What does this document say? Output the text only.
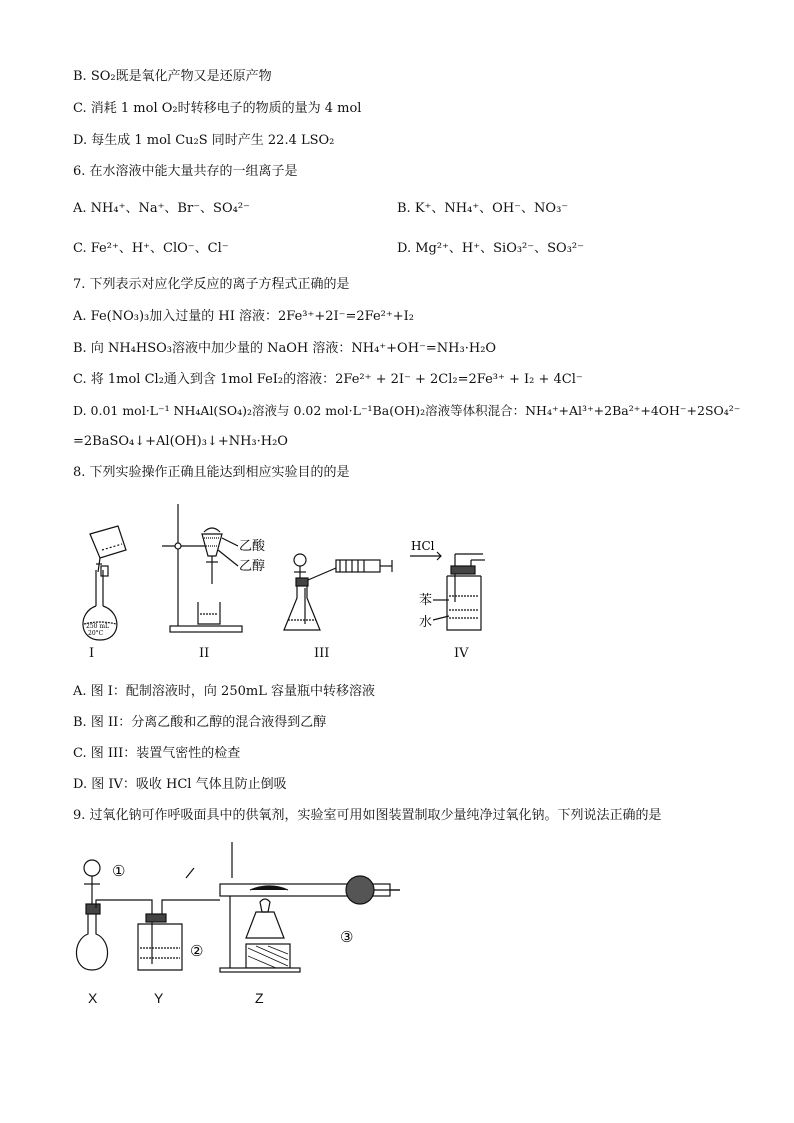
B. SO₂既是氧化产物又是还原产物
C. 消耗 1 mol O₂时转移电子的物质的量为 4 mol
D. 每生成 1 mol Cu₂S 同时产生 22.4 LSO₂
6. 在水溶液中能大量共存的一组离子是
A. NH₄⁺、Na⁺、Br⁻、SO₄²⁻	B. K⁺、NH₄⁺、OH⁻、NO₃⁻
C. Fe²⁺、H⁺、ClO⁻、Cl⁻	D. Mg²⁺、H⁺、SiO₃²⁻、SO₃²⁻
7. 下列表示对应化学反应的离子方程式正确的是
A. Fe(NO₃)₃加入过量的 HI 溶液：2Fe³⁺+2I⁻=2Fe²⁺+I₂
B. 向 NH₄HSO₃溶液中加少量的 NaOH 溶液：NH₄⁺+OH⁻=NH₃·H₂O
C. 将 1mol Cl₂通入到含 1mol FeI₂的溶液：2Fe²⁺ + 2I⁻ + 2Cl₂=2Fe³⁺ + I₂ + 4Cl⁻
D. 0.01 mol·L⁻¹ NH₄Al(SO₄)₂溶液与 0.02 mol·L⁻¹Ba(OH)₂溶液等体积混合：NH₄⁺+Al³⁺+2Ba²⁺+4OH⁻+2SO₄²⁻
=2BaSO₄↓+Al(OH)₃↓+NH₃·H₂O
8. 下列实验操作正确且能达到相应实验目的的是
250 mL
20°C
乙酸
乙醇
HCl
苯
水
I	II	III	IV
A. 图 I：配制溶液时，向 250mL 容量瓶中转移溶液
B. 图 II：分离乙酸和乙醇的混合液得到乙醇
C. 图 III：装置气密性的检查
D. 图 IV：吸收 HCl 气体且防止倒吸
9. 过氧化钠可作呼吸面具中的供氧剂，实验室可用如图装置制取少量纯净过氧化钠。下列说法正确的是
①
②
③
X	Y	Z
